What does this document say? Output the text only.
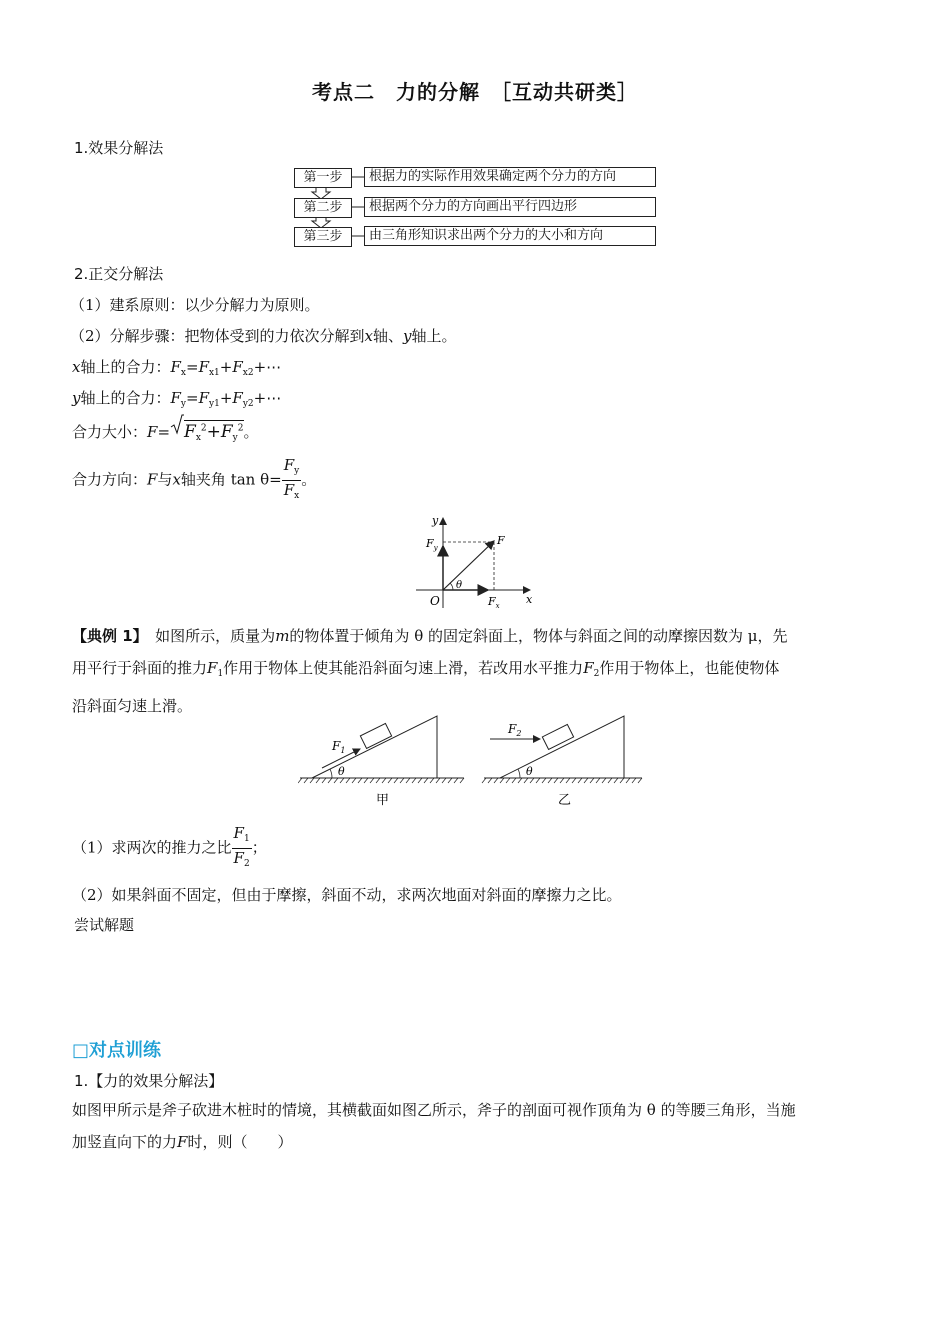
考点二　力的分解　［互动共研类］
1.效果分解法
第一步	根据力的实际作用效果确定两个分力的方向
第二步	根据两个分力的方向画出平行四边形
第三步	由三角形知识求出两个分力的大小和方向
2.正交分解法
（1）建系原则：以少分解力为原则。
（2）分解步骤：把物体受到的力依次分解到x轴、y轴上。
x轴上的合力：$F_x=F_{x1}+F_{x2}+\cdots$
y轴上的合力：$F_y=F_{y1}+F_{y2}+\cdots$
合力大小：$F= F_x^2+F_y^2$。
合力方向：F与x轴夹角 $\tan \theta= \frac{F_y}{F_x}$ 。
y
x
O
F
$F_y$
$F_x$
θ
【典例 1】　如图所示，质量为m的物体置于倾角为 θ 的固定斜面上，物体与斜面之间的动摩擦因数为 μ，先
用平行于斜面的推力$F_1$作用于物体上使其能沿斜面匀速上滑，若改用水平推力$F_2$作用于物体上，也能使物体
沿斜面匀速上滑。
θ
$F_1$
甲
θ
$F_2$
乙
（1）求两次的推力之比 $\frac{F_1}{F_2}$ ；
（2）如果斜面不固定，但由于摩擦，斜面不动，求两次地面对斜面的摩擦力之比。
尝试解题
□对点训练
1.【力的效果分解法】
如图甲所示是斧子砍进木桩时的情境，其横截面如图乙所示，斧子的剖面可视作顶角为 θ 的等腰三角形，当施
加竖直向下的力F时，则（　　）
